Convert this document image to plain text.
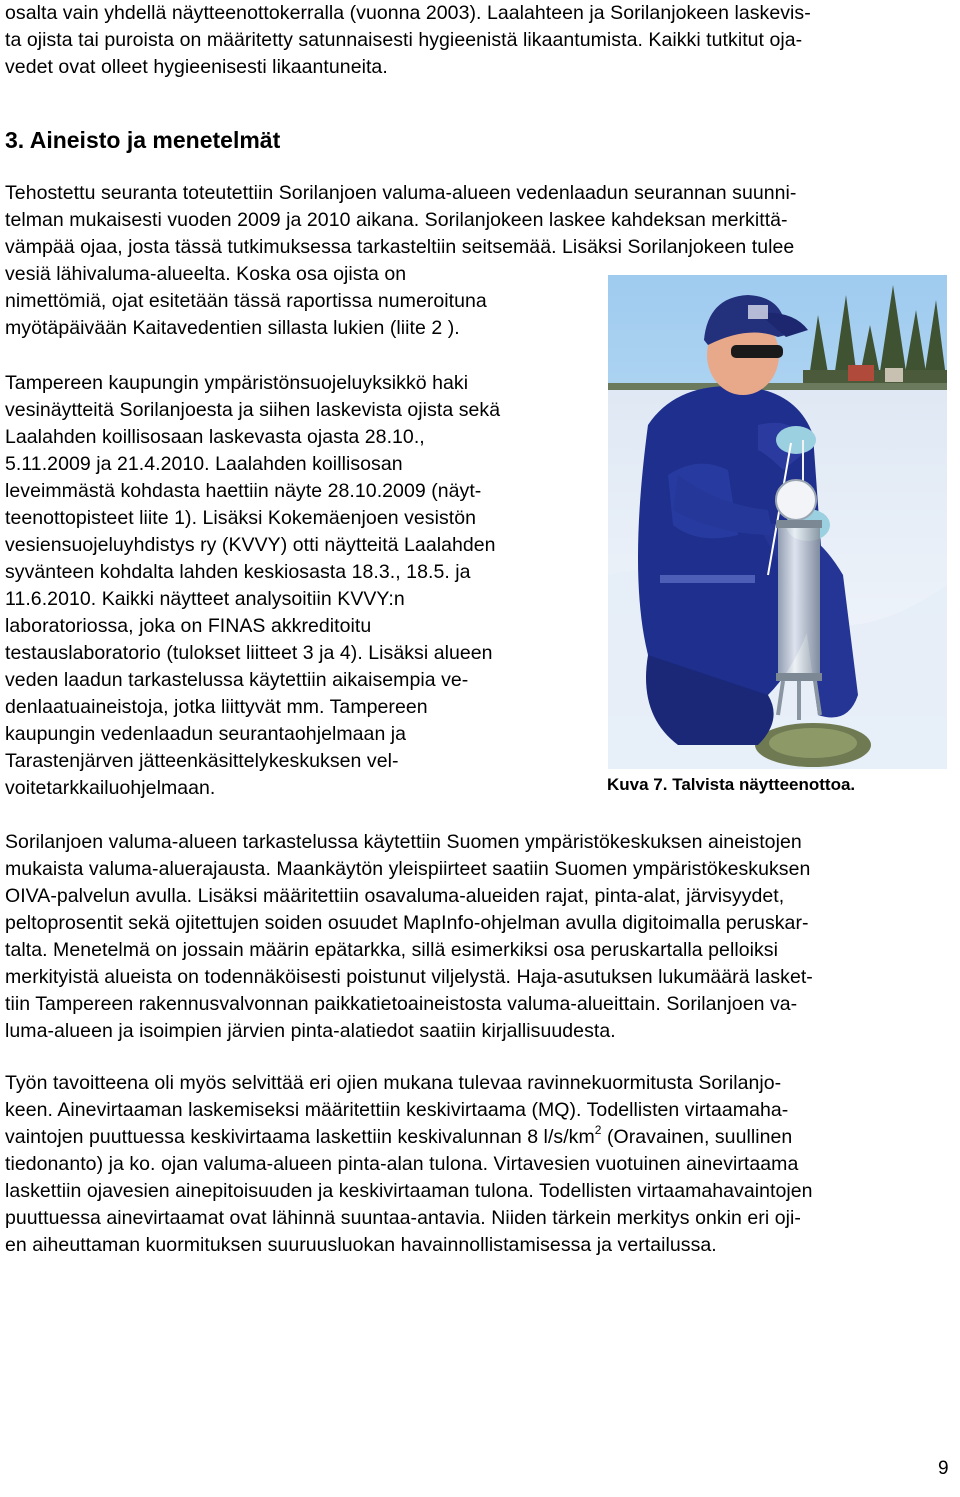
osalta vain yhdellä näytteenottokerralla (vuonna 2003). Laalahteen ja Sorilanjokeen laskevis-
ta ojista tai puroista on määritetty satunnaisesti hygieenistä likaantumista. Kaikki tutkitut oja-
vedet ovat olleet hygieenisesti likaantuneita.
3. Aineisto ja menetelmät
Tehostettu seuranta toteutettiin Sorilanjoen valuma-alueen vedenlaadun seurannan suunni-
telman mukaisesti vuoden 2009 ja 2010 aikana. Sorilanjokeen laskee kahdeksan merkittä-
vämpää ojaa, josta tässä tutkimuksessa tarkasteltiin seitsemää. Lisäksi Sorilanjokeen tulee
vesiä lähivaluma-alueelta. Koska osa ojista on
nimettömiä, ojat esitetään tässä raportissa numeroituna
myötäpäivään Kaitavedentien sillasta lukien (liite 2 ).
Tampereen kaupungin ympäristönsuojeluyksikkö haki
vesinäytteitä Sorilanjoesta ja siihen laskevista ojista sekä
Laalahden koillisosaan laskevasta ojasta 28.10.,
5.11.2009 ja 21.4.2010. Laalahden koillisosan
leveimmästä kohdasta haettiin näyte 28.10.2009 (näyt-
teenottopisteet liite 1). Lisäksi Kokemäenjoen vesistön
vesiensuojeluyhdistys ry (KVVY) otti näytteitä Laalahden
syvänteen kohdalta lahden keskiosasta 18.3., 18.5. ja
11.6.2010. Kaikki näytteet analysoitiin KVVY:n
laboratoriossa, joka on FINAS akkreditoitu
testauslaboratorio (tulokset liitteet 3 ja 4). Lisäksi alueen
veden laadun tarkastelussa käytettiin aikaisempia ve-
denlaatuaineistoja, jotka liittyvät mm. Tampereen
kaupungin vedenlaadun seurantaohjelmaan ja
Tarastenjärven jätteenkäsittelykeskuksen vel-
voitetarkkailuohjelmaan.	Kuva 7. Talvista näytteenottoa.
Sorilanjoen valuma-alueen tarkastelussa käytettiin Suomen ympäristökeskuksen aineistojen
mukaista valuma-aluerajausta. Maankäytön yleispiirteet saatiin Suomen ympäristökeskuksen
OIVA-palvelun avulla. Lisäksi määritettiin osavaluma-alueiden rajat, pinta-alat, järvisyydet,
peltoprosentit sekä ojitettujen soiden osuudet MapInfo-ohjelman avulla digitoimalla peruskar-
talta. Menetelmä on jossain määrin epätarkka, sillä esimerkiksi osa peruskartalla pelloiksi
merkityistä alueista on todennäköisesti poistunut viljelystä. Haja-asutuksen lukumäärä lasket-
tiin Tampereen rakennusvalvonnan paikkatietoaineistosta valuma-alueittain. Sorilanjoen va-
luma-alueen ja isoimpien järvien pinta-alatiedot saatiin kirjallisuudesta.
Työn tavoitteena oli myös selvittää eri ojien mukana tulevaa ravinnekuormitusta Sorilanjo-
keen. Ainevirtaaman laskemiseksi määritettiin keskivirtaama (MQ). Todellisten virtaamaha-
vaintojen puuttuessa keskivirtaama laskettiin keskivalunnan 8 $l/s/km^2$ (Oravainen, suullinen
tiedonanto) ja ko. ojan valuma-alueen pinta-alan tulona. Virtavesien vuotuinen ainevirtaama
laskettiin ojavesien ainepitoisuuden ja keskivirtaaman tulona. Todellisten virtaamahavaintojen
puuttuessa ainevirtaamat ovat lähinnä suuntaa-antavia. Niiden tärkein merkitys onkin eri oji-
en aiheuttaman kuormituksen suuruusluokan havainnollistamisessa ja vertailussa.
9
